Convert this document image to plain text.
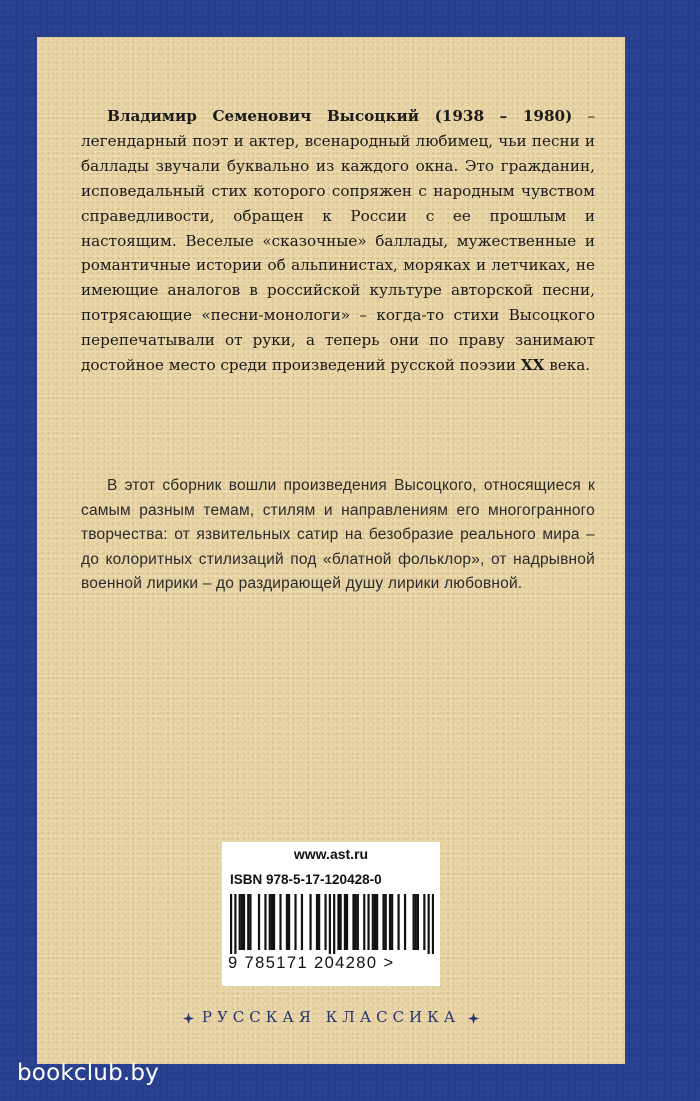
Владимир Семенович Высоцкий (1938 – 1980) – легендарный поэт и актер, всенародный любимец, чьи песни и баллады звучали буквально из каждого окна. Это гражданин, исповедальный стих которого сопряжен с народным чувством справедливости, обращен к России с ее прошлым и настоящим. Веселые «сказочные» баллады, мужественные и романтичные истории об альпинистах, моряках и летчиках, не имеющие аналогов в российской культуре авторской песни, потрясающие «песни-монологи» – когда-то стихи Высоцкого перепечатывали от руки, а теперь они по праву занимают достойное место среди произведений русской поэзии XX века.

В этот сборник вошли произведения Высоцкого, относящиеся к самым разным темам, стилям и направлениям его многогранного творчества: от язвительных сатир на безобразие реального мира – до колоритных стилизаций под «блатной фольклор», от надрывной военной лирики – до раздирающей душу лирики любовной.

www.ast.ru
ISBN 978-5-17-120428-0
9 785171 204280 >
РУССКАЯ КЛАССИКА
bookclub.by
